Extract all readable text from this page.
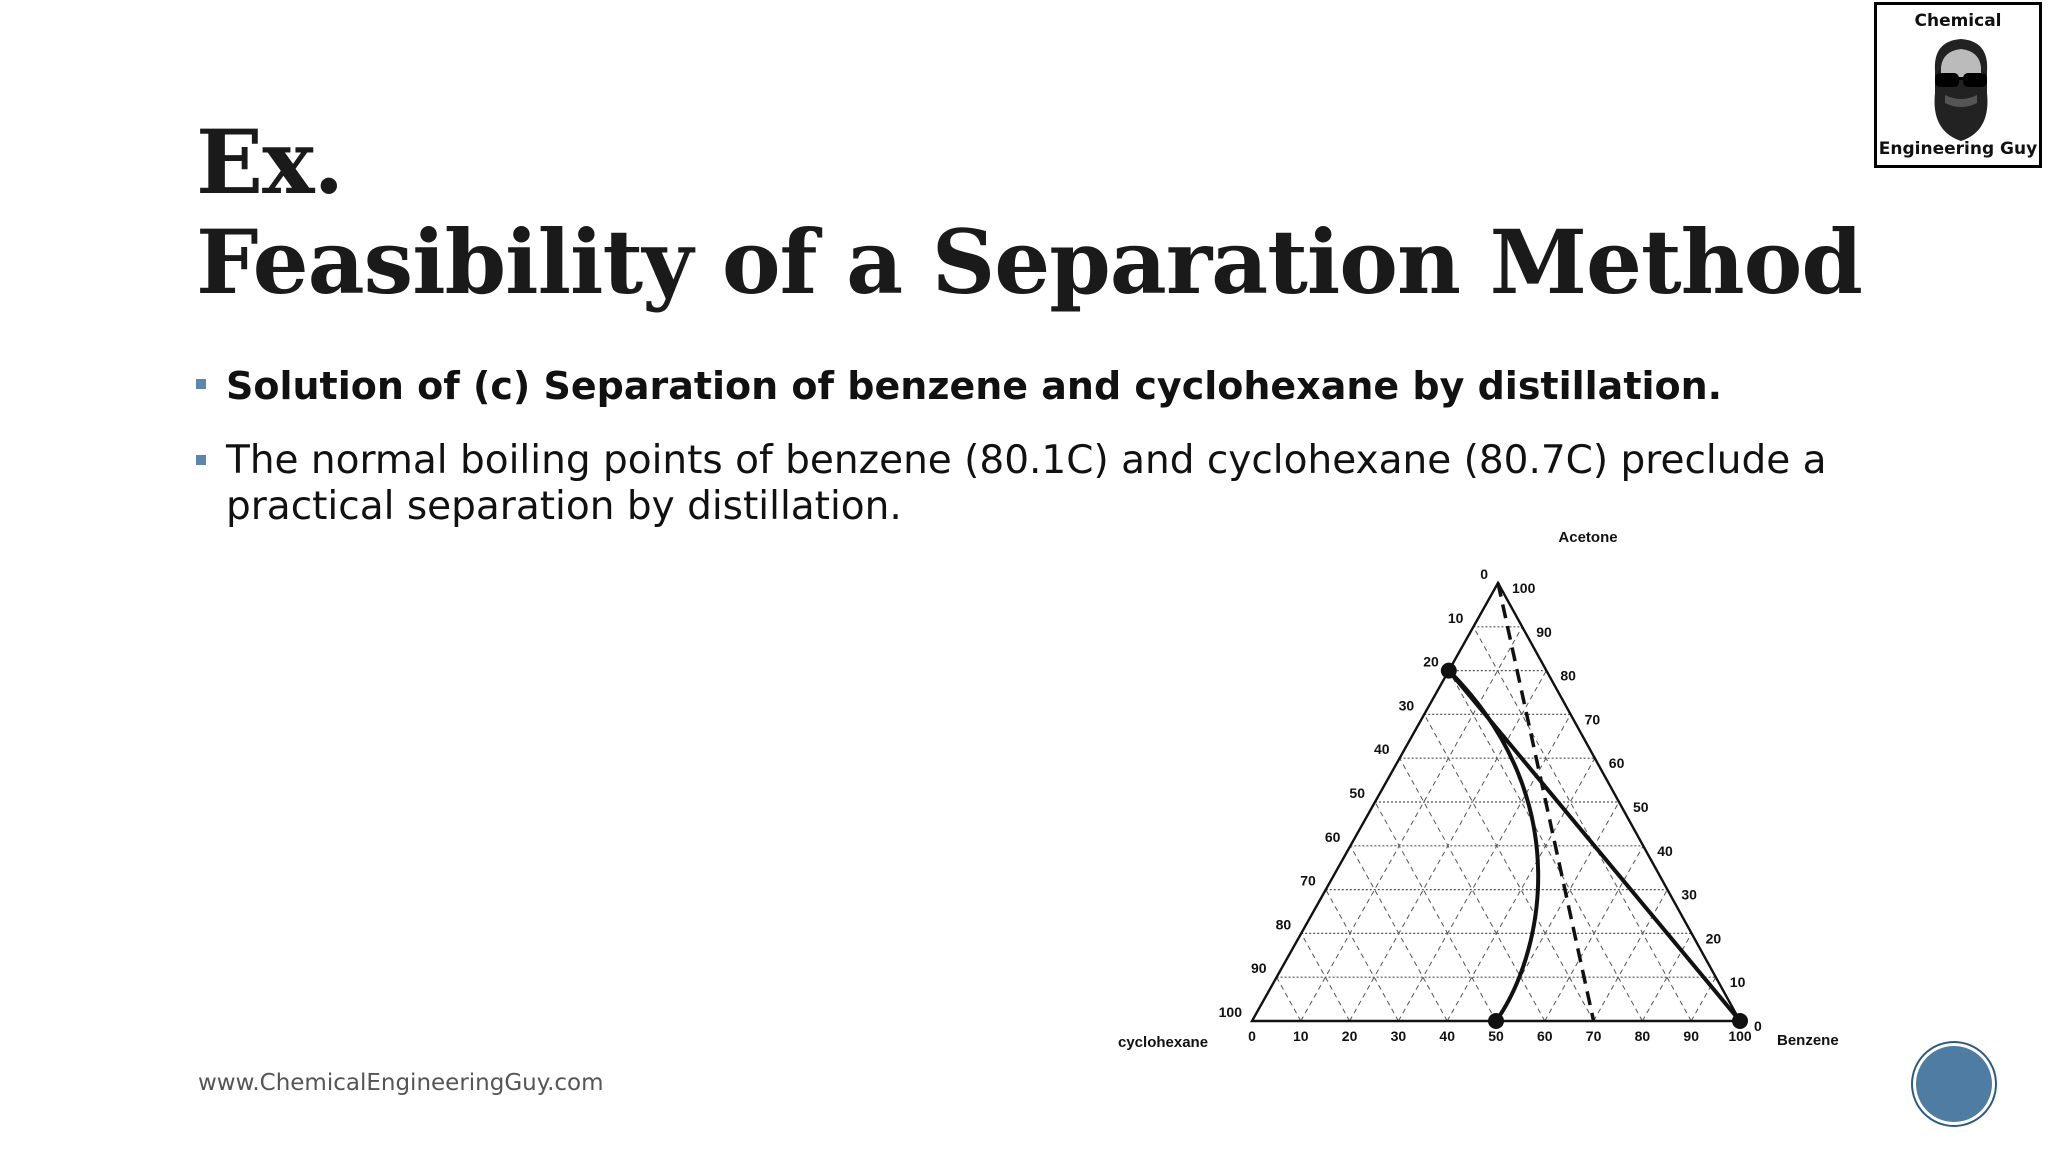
Ex.
Feasibility of a Separation Method
Solution of (c) Separation of benzene and cyclohexane by distillation.
The normal boiling points of benzene (80.1C) and cyclohexane (80.7C) preclude a practical separation by distillation.
www.ChemicalEngineeringGuy.com
Chemical
Engineering Guy
0	10 20 30 40 50 60 70 80 90 100
0
10
20
30
40
50
60
70
80
90
100
100
90
80
70
60
50
40
30
20
10
0
Acetone
cyclohexane	Benzene
